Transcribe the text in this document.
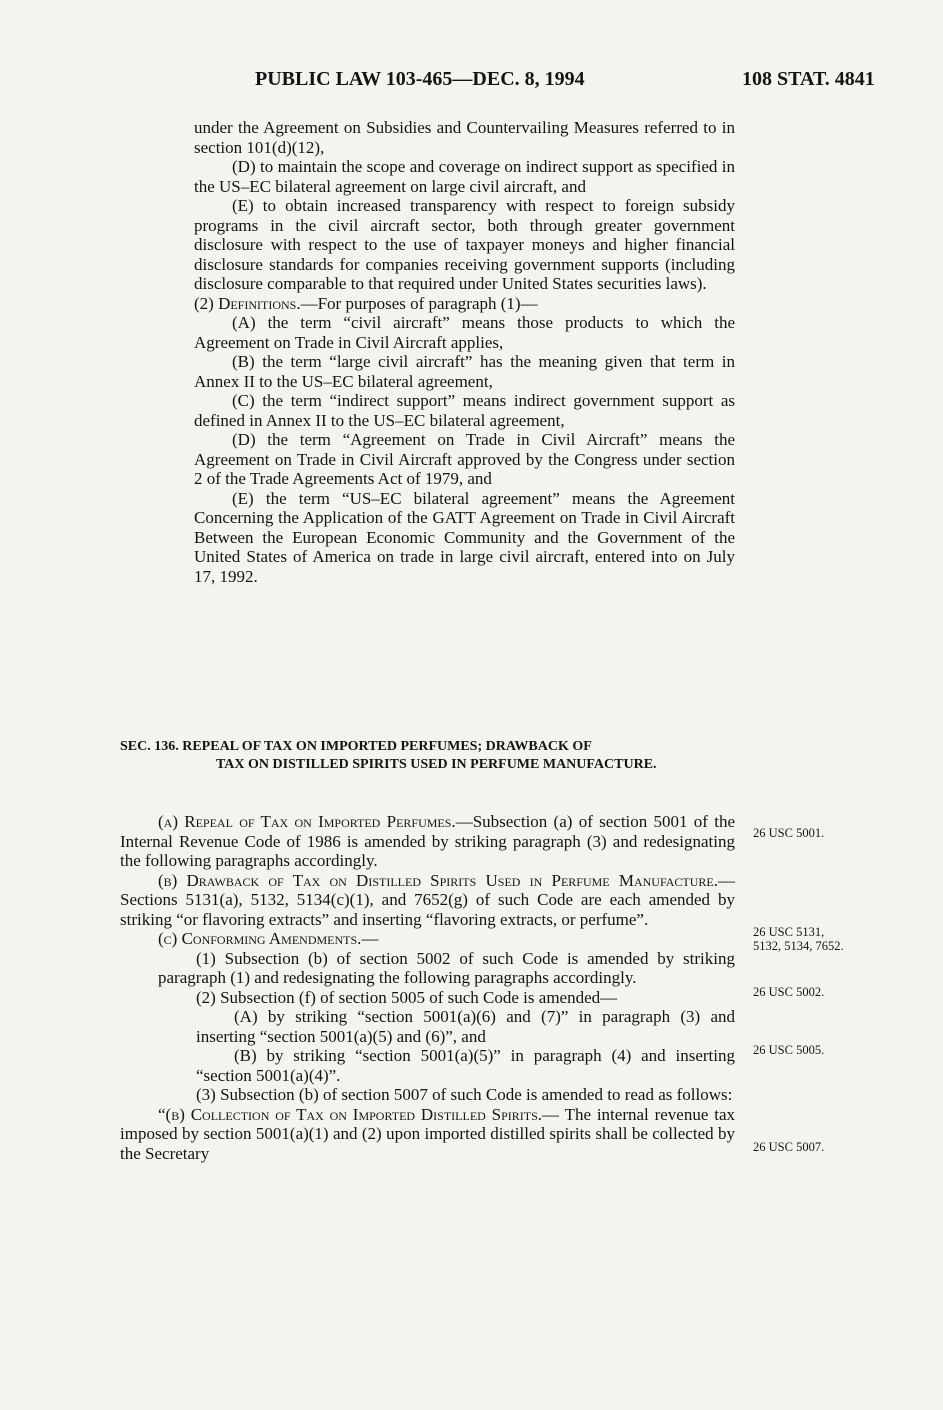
PUBLIC LAW 103-465—DEC. 8, 1994	108 STAT. 4841

under the Agreement on Subsidies and Countervailing Measures referred to in section 101(d)(12),

(D) to maintain the scope and coverage on indirect support as specified in the US–EC bilateral agreement on large civil aircraft, and

(E) to obtain increased transparency with respect to foreign subsidy programs in the civil aircraft sector, both through greater government disclosure with respect to the use of taxpayer moneys and higher financial disclosure standards for companies receiving government supports (including disclosure comparable to that required under United States securities laws).

(2) Definitions.—For purposes of paragraph (1)—

(A) the term “civil aircraft” means those products to which the Agreement on Trade in Civil Aircraft applies,

(B) the term “large civil aircraft” has the meaning given that term in Annex II to the US–EC bilateral agreement,

(C) the term “indirect support” means indirect government support as defined in Annex II to the US–EC bilateral agreement,

(D) the term “Agreement on Trade in Civil Aircraft” means the Agreement on Trade in Civil Aircraft approved by the Congress under section 2 of the Trade Agreements Act of 1979, and

(E) the term “US–EC bilateral agreement” means the Agreement Concerning the Application of the GATT Agreement on Trade in Civil Aircraft Between the European Economic Community and the Government of the United States of America on trade in large civil aircraft, entered into on July 17, 1992.

SEC. 136. REPEAL OF TAX ON IMPORTED PERFUMES; DRAWBACK OF
TAX ON DISTILLED SPIRITS USED IN PERFUME MANUFACTURE.

(a) Repeal of Tax on Imported Perfumes.—Subsection (a) of section 5001 of the Internal Revenue Code of 1986 is amended by striking paragraph (3) and redesignating the following paragraphs accordingly.

(b) Drawback of Tax on Distilled Spirits Used in Perfume Manufacture.—Sections 5131(a), 5132, 5134(c)(1), and 7652(g) of such Code are each amended by striking “or flavoring extracts” and inserting “flavoring extracts, or perfume”.

(c) Conforming Amendments.—

(1) Subsection (b) of section 5002 of such Code is amended by striking paragraph (1) and redesignating the following paragraphs accordingly.

(2) Subsection (f) of section 5005 of such Code is amended—

(A) by striking “section 5001(a)(6) and (7)” in paragraph (3) and inserting “section 5001(a)(5) and (6)”, and

(B) by striking “section 5001(a)(5)” in paragraph (4) and inserting “section 5001(a)(4)”.

(3) Subsection (b) of section 5007 of such Code is amended to read as follows:

“(b) Collection of Tax on Imported Distilled Spirits.— The internal revenue tax imposed by section 5001(a)(1) and (2) upon imported distilled spirits shall be collected by the Secretary

26 USC 5001.
26 USC 5131,
5132, 5134, 7652.
26 USC 5002.
26 USC 5005.
26 USC 5007.
